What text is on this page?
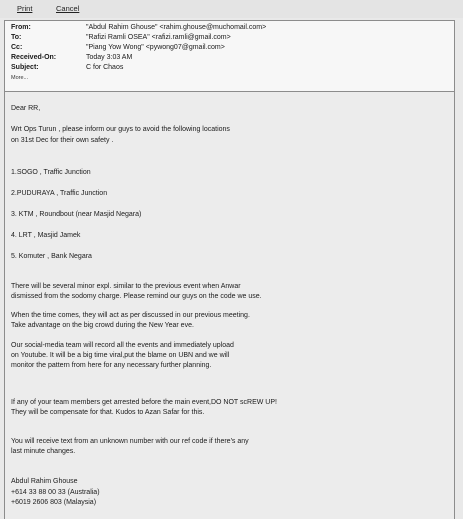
Print	Cancel
From:	"Abdul Rahim Ghouse" <rahim.ghouse@muchomail.com>
To:	"Rafizi Ramli OSEA" <rafizi.ramli@gmail.com>
Cc:	"Piang Yow Wong" <pywong07@gmail.com>
Received-On:	Today 3:03 AM
Subject:	C for Chaos
More...
Dear RR,
Wrt Ops Turun , please inform our guys to avoid the following locations
on 31st Dec for their own safety .
1.SOGO , Traffic Junction
2.PUDURAYA , Traffic Junction
3. KTM , Roundbout (near Masjid Negara)
4. LRT , Masjid Jamek
5. Komuter , Bank Negara
There will be several minor expl. similar to the previous event when Anwar
dismissed from the sodomy charge. Please remind our guys on the code we use.
When the time comes, they will act as per discussed in our previous meeting.
Take advantage on the big crowd during the New Year eve.
Our social-media team will record all the events and immediately upload
on Youtube. It will be a big time viral,put the blame on UBN and we will
monitor the pattern from here for any necessary further planning.
If any of your team members get arrested before the main event,DO NOT scREW UP!
They will be compensate for that. Kudos to Azan Safar for this.
You will receive text from an unknown number with our ref code if there's any
last minute changes.
Abdul Rahim Ghouse
+614 33 88 00 33 (Australia)
+6019 2606 803 (Malaysia)
